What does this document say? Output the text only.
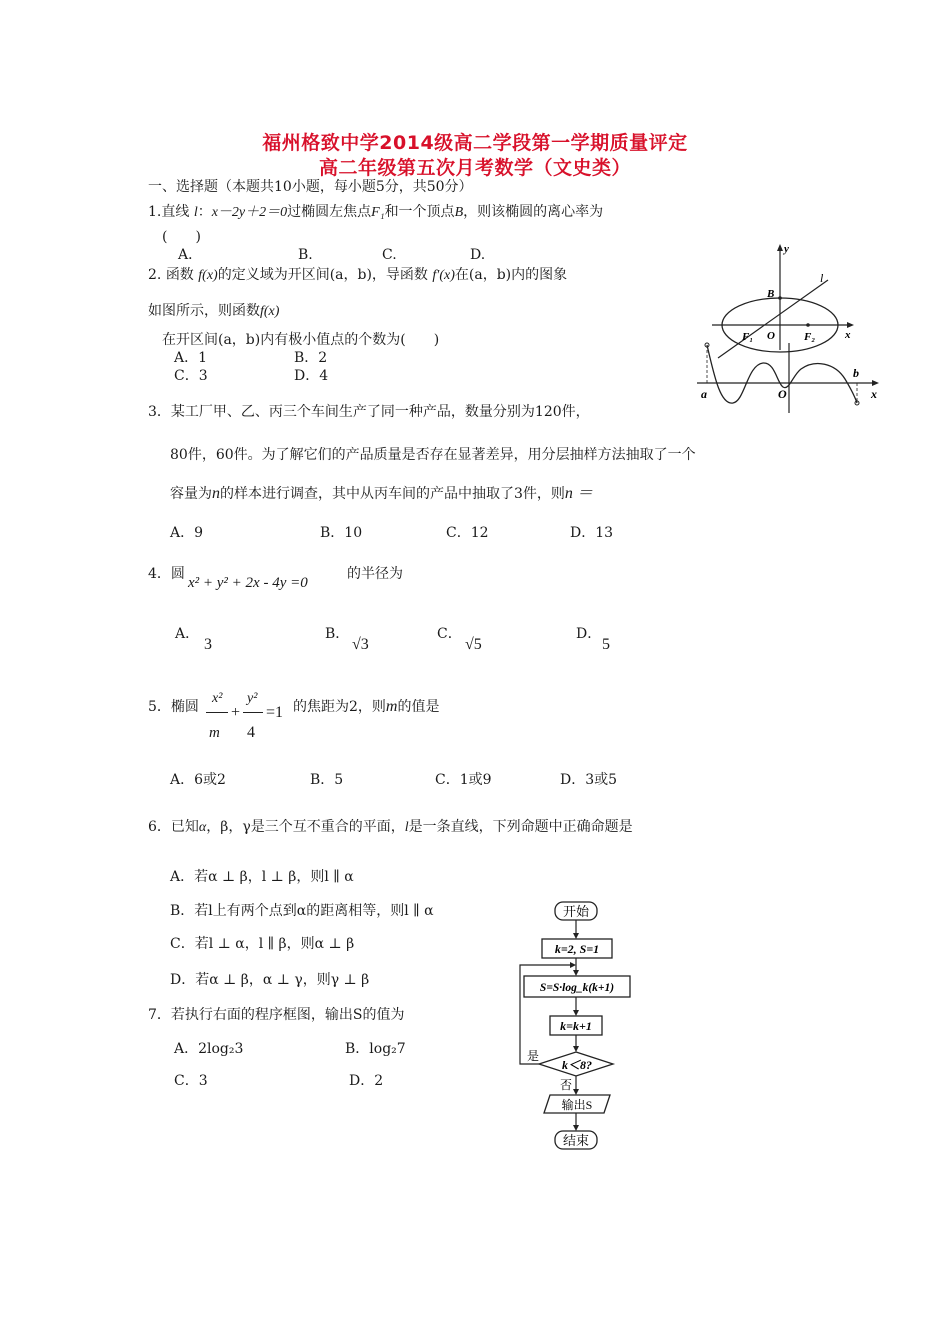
福州格致中学2014级高二学段第一学期质量评定
高二年级第五次月考数学（文史类）
一、选择题（本题共10小题，每小题5分，共50分）
1.直线 l：x－2y＋2＝0过椭圆左焦点F₁和一个顶点B，则该椭圆的离心率为
(　　)
A．	B.	C.	D.
2. 函数 f(x)的定义域为开区间(a，b)，导函数 f′(x)在(a，b)内的图象
如图所示，则函数f(x)
在开区间(a，b)内有极小值点的个数为(　　)
A．1	B．2
C．3	D．4
y
x
l
B
F₁ O	F₂
a	O
b
x
3．某工厂甲、乙、丙三个车间生产了同一种产品，数量分别为120件，
80件，60件。为了解它们的产品质量是否存在显著差异，用分层抽样方法抽取了一个
容量为n的样本进行调查，其中从丙车间的产品中抽取了3件，则n ＝
A．9	B．10	C．12	D．13
4．圆
x² + y² + 2x - 4y =0
的半径为
A．
3
B．
√3
C．
√5
D．
5
5．椭圆
x²
m
+
y²
4
=1 的焦距为2，则m的值是
A．6或2	B．5	C．1或9	D．3或5
6．已知α，β，γ是三个互不重合的平面，l是一条直线，下列命题中正确命题是
A．若α ⊥ β，l ⊥ β，则l ∥ α
B．若l上有两个点到α的距离相等，则l ∥ α
C．若l ⊥ α，l ∥ β，则α ⊥ β
D．若α ⊥ β，α ⊥ γ，则γ ⊥ β
7．若执行右面的程序框图，输出S的值为
A．2log₂3	B．log₂7
C．3	D．2
开始
k=2, S=1
S=S·log_k(k+1)
k=k+1
k＜8?
是
否
输出S
结束
